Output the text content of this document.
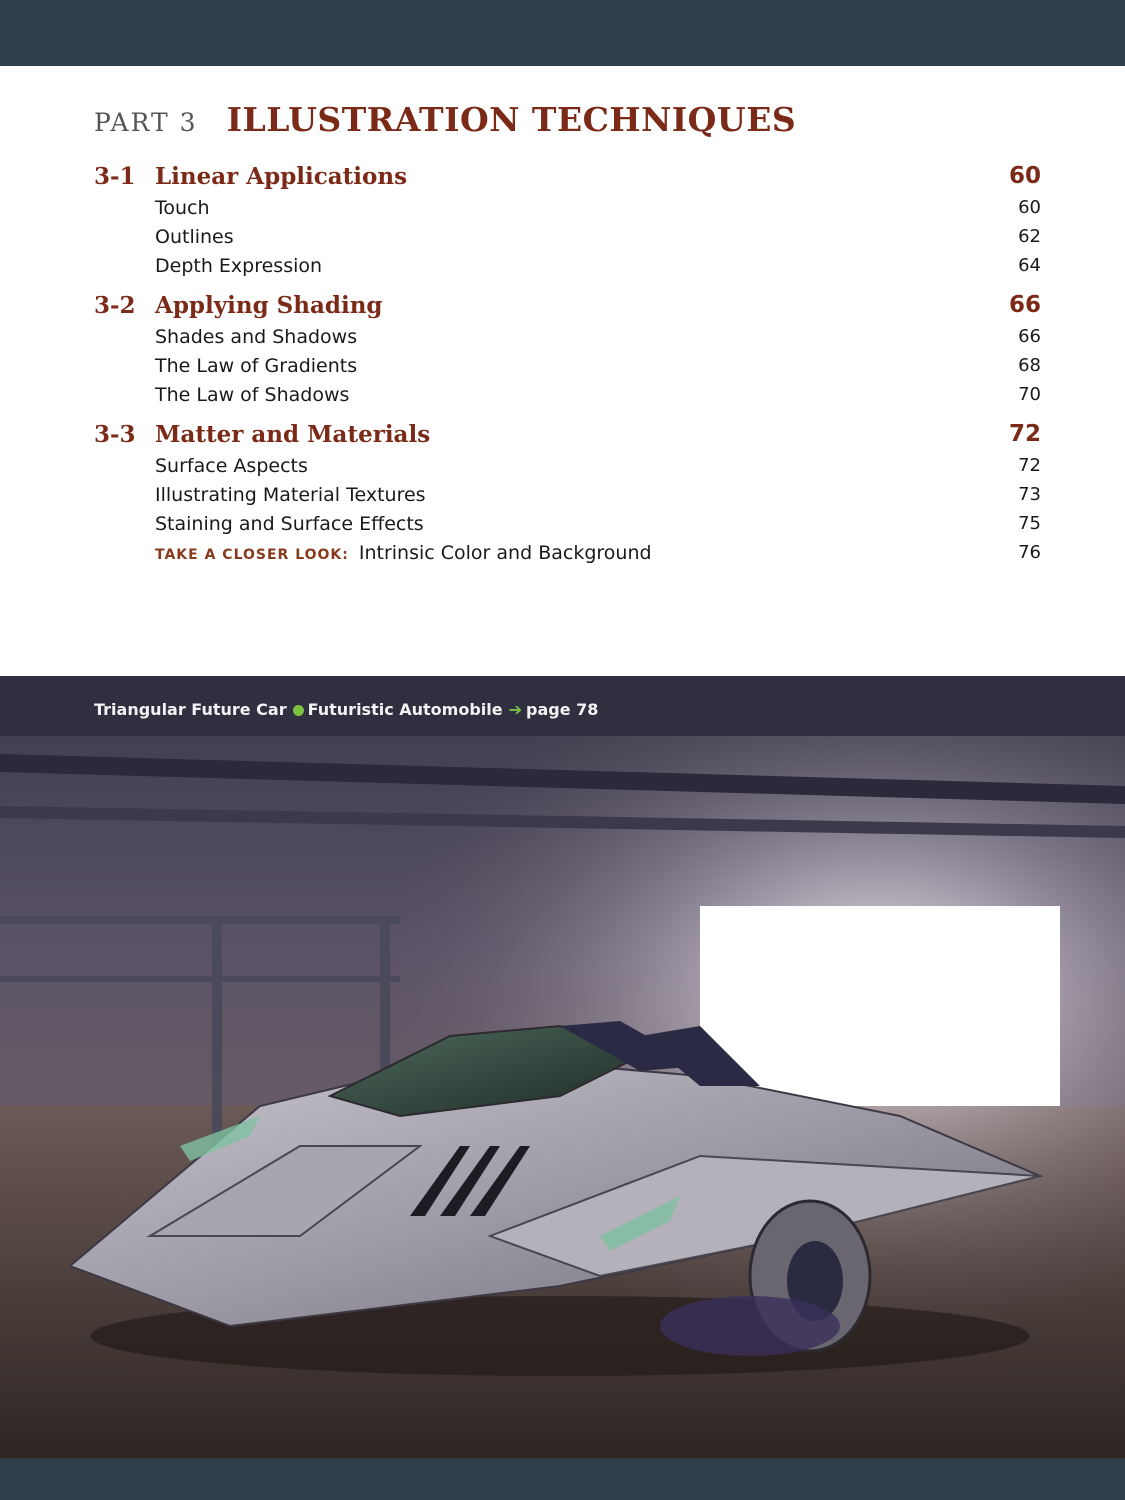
PART 3 ILLUSTRATION TECHNIQUES
3-1 Linear Applications	60
Touch	60
Outlines	62
Depth Expression	64
3-2 Applying Shading	66
Shades and Shadows	66
The Law of Gradients	68
The Law of Shadows	70
3-3 Matter and Materials	72
Surface Aspects	72
Illustrating Material Textures	73
Staining and Surface Effects	75
TAKE A CLOSER LOOK: Intrinsic Color and Background	76
Triangular Future Car Futuristic Automobile ➔ page 78
